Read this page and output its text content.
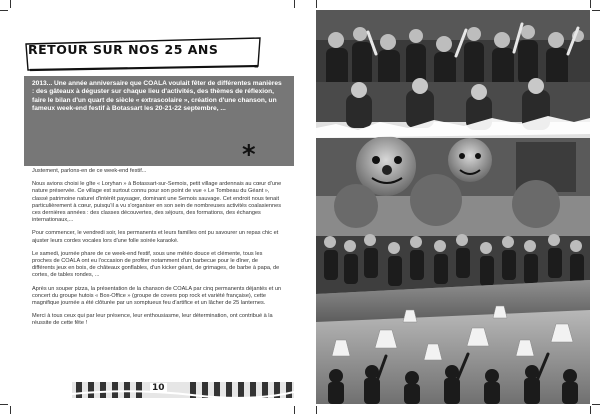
RETOUR SUR NOS 25 ANS

2013... Une année anniversaire que COALA voulait fêter de différentes manières : des gâteaux à déguster sur chaque lieu d'activités, des thèmes de réflexion, faire le bilan d'un quart de siècle « extrascolaire », création d'une chanson, un fameux week-end festif à Botassart les 20-21-22 septembre, ...

*

Justement, parlons-en de ce week-end festif...

Nous avions choisi le gîte « Loryhan » à Botassart-sur-Semois, petit village ardennais au cœur d'une nature préservée. Ce village est surtout connu pour son point de vue « Le Tombeau du Géant », classé patrimoine naturel d'intérêt paysager, dominant une Semois sauvage. Cet endroit nous tenait particulièrement à cœur, puisqu'il a vu s'organiser en son sein de nombreuses activités coalasiennes ces dernières années : des classes découvertes, des séjours, des formations, des échanges internationaux,...

Pour commencer, le vendredi soir, les permanents et leurs familles ont pu savourer un repas chic et ajuster leurs cordes vocales lors d'une folle soirée karaoké.

Le samedi, journée phare de ce week-end festif, sous une météo douce et clémente, tous les proches de COALA ont eu l'occasion de profiter notamment d'un barbecue pour le dîner, de différents jeux en bois, de châteaux gonflables, d'un kicker géant, de grimages, de barbe à papa, de cortes, de tables rondes, ...

Après un souper pizza, la présentation de la chanson de COALA par cinq permanents déjantés et un concert du groupe hutois « Box-Office » (groupe de covers pop rock et variété française), cette magnifique journée a été clôturée par un somptueux feu d'artifice et un lâcher de 25 lanternes.

Merci à tous ceux qui par leur présence, leur enthousiasme, leur détermination, ont contribué à la réussite de cette fête !

10
